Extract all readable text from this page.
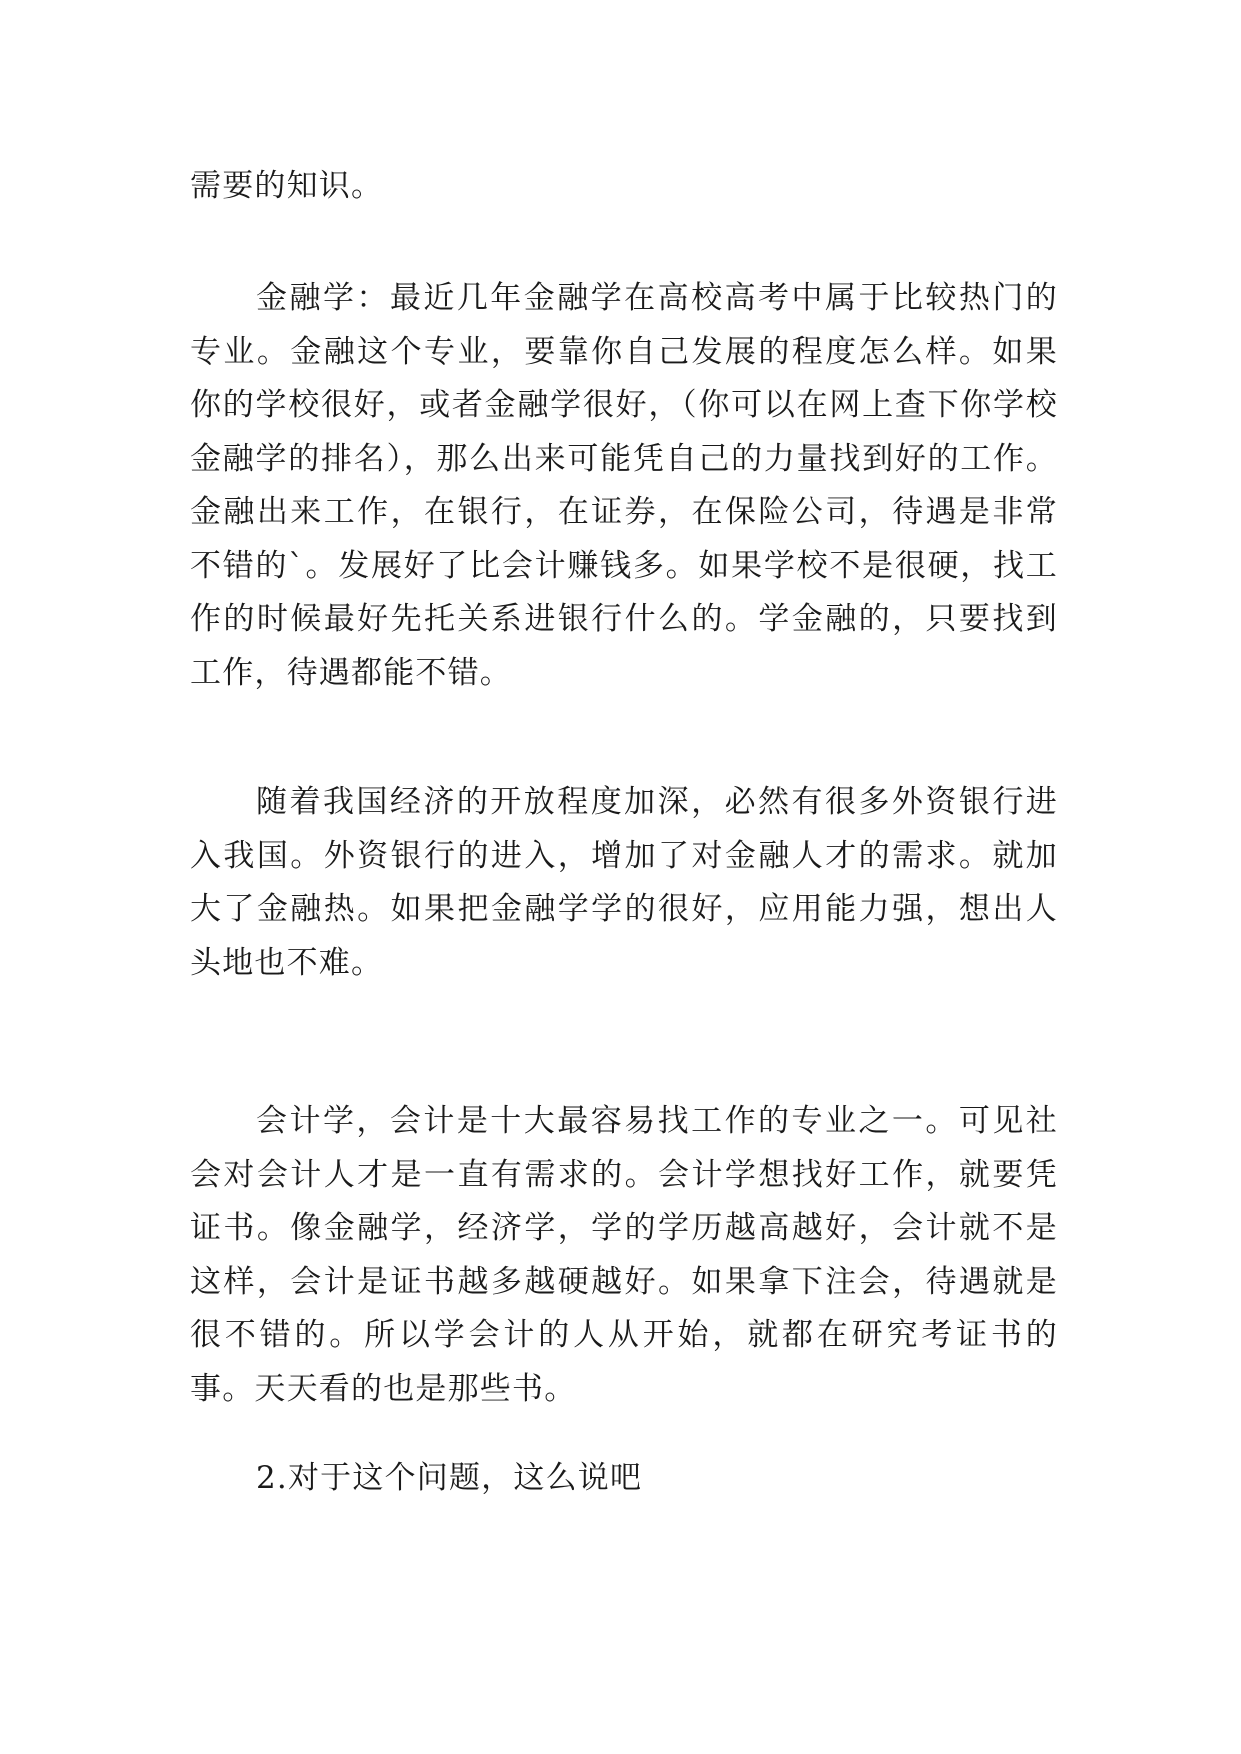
需要的知识。

金融学：最近几年金融学在高校高考中属于比较热门的专业。金融这个专业，要靠你自己发展的程度怎么样。如果你的学校很好，或者金融学很好，（你可以在网上查下你学校金融学的排名），那么出来可能凭自己的力量找到好的工作。金融出来工作，在银行，在证券，在保险公司，待遇是非常不错的`。发展好了比会计赚钱多。如果学校不是很硬，找工作的时候最好先托关系进银行什么的。学金融的，只要找到工作，待遇都能不错。

随着我国经济的开放程度加深，必然有很多外资银行进入我国。外资银行的进入，增加了对金融人才的需求。就加大了金融热。如果把金融学学的很好，应用能力强，想出人头地也不难。

会计学，会计是十大最容易找工作的专业之一。可见社会对会计人才是一直有需求的。会计学想找好工作，就要凭证书。像金融学，经济学，学的学历越高越好，会计就不是这样，会计是证书越多越硬越好。如果拿下注会，待遇就是很不错的。所以学会计的人从开始，就都在研究考证书的事。天天看的也是那些书。

2.对于这个问题，这么说吧
